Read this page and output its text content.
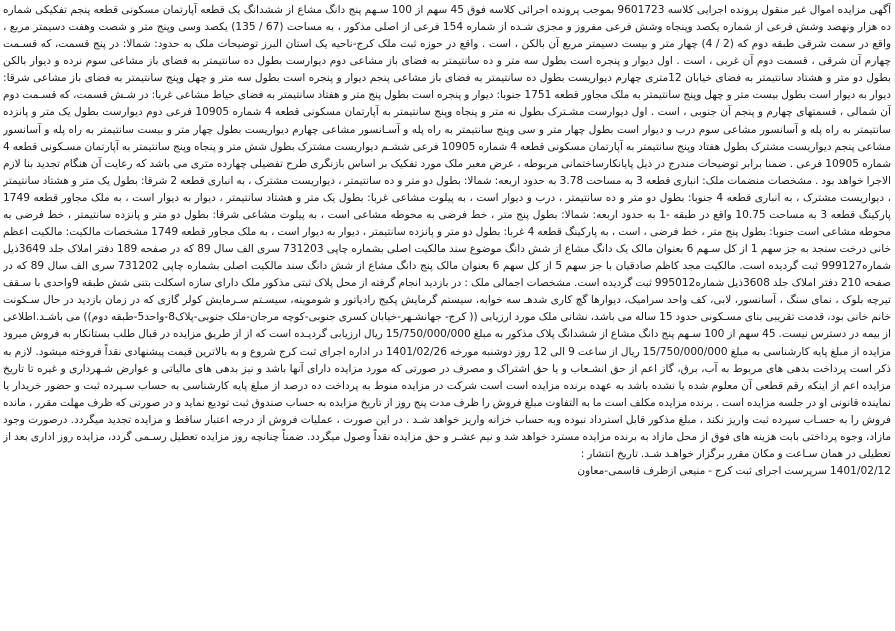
آگهی مزایده اموال غیر منقول پرونده اجرایی کلاسه 9601723 بموجب پرونده اجرائی کلاسه فوق 45 سهم از 100 سـهم پنج دانگ مشاع از ششدانگ یک قطعه آپارتمان مسکونی قطعه پنجم تفکیکی شماره ده هزار ونهصد وشش فرعی از شماره یکصد وپنجاه وشش فرعی مفروز و مجزی شـده از شماره 154 فرعی از اصلی مذکور ، به مساحت (67 / 135) یکصد وسی وپنج متر و شصت وهفت دسیمتر مربع ، واقع در سمت شرقی طبقه دوم که (2 / 4) چهار متر و بیست دسیمتر مربع آن بالکن ، است . واقع در حوزه ثبت ملک کرج-ناحیه یک استان البرز توضیحات ملک به حدود: شمالا: در پنج قسمت، که قسـمت چهارم آن شرقی ، قسمت دوم آن غربی ، است . اول دیوار و پنجره است بطول سه متر و ده سانتیمتر به فضای باز مشاعی دوم دیوارست بطول ده سانتیمتر به فضای باز مشاعی سوم نرده و دیوار بالکن بطول دو متر و هشتاد سانتیمتر به فضای خیابان 12متری چهارم دیواریست بطول ده سانتیمتر به فضای باز مشاعی پنجم دیوار و پنجره است بطول سه متر و چهل وپنج سانتیمتر به فضای باز مشاعی شرقا: دیوار به دیوار است بطول بیست متر و چهل وپنج سانتیمتر به ملک مجاور قطعه 1751 جنوبا: دیوار و پنجره است بطول پنج متر و هفتاد سانتیمتر به فضای حیاط مشاعی غربا: در شـش قسمت، که قسـمت دوم آن شمالی ، قسمتهای چهارم و پنجم آن جنوبی ، است . اول دیوارست مشـترک بطول نه متر و پنجاه وپنج سانتیمتر به آپارتمان مسکونی قطعه 4 شماره 10905 فرعی دوم دیوارست بطول یک متر و پانزده سانتیمتر به راه پله و آسانسور مشاعی سوم درب و دیوار است بطول چهار متر و سی وپنج سانتیمتر به راه پله و آسـانسور مشاعی چهارم دیواریست بطول چهار متر و بیست سانتیمتر به راه پله و آسانسور مشاعی پنجم دیواریست مشترک بطول هفتاد وپنج سانتیمتر به آپارتمان مسکونی قطعه 4 شماره 10905 فرعی ششـم دیواریست مشترک بطول شش متر و پنجاه وپنج سانتیمتر به آپارتمان مسـکونی قطعه 4 شماره 10905 فرعی . ضمنا برابر توضیحات مندرج در ذیل پایانکارساختمانی مربوطه ، عرض معبر ملک مورد تفکیک بر اساس بازنگری طرح تفضیلی چهارده متری می باشد که رعایت آن هنگام تجدید بنا لازم الاجرا خواهد بود . مشخصات منضمات ملک: انباری قطعه 3 به مساحت 3.78 به حدود اربعه: شمالا: بطول دو متر و ده سانتیمتر ، دیواریست مشترک ، به انباری قطعه 2 شرقا: بطول یک متر و هشتاد سانتیمتر ، دیواریست مشترک ، به انباری قطعه 4 جنوبا: بطول دو متر و ده سانتیمتر ، درب و دیوار است ، به پیلوت مشاعی غربا: بطول یک متر و هشتاد سانتیمتر ، دیوار به دیوار است ، به ملک مجاور قطعه 1749 پارکینگ قطعه 3 به مساحت 10.75 واقع در طبقه -1 به حدود اربعه: شمالا: بطول پنج متر ، خط فرضی به محوطه مشاعی است ، به پیلوت مشاعی شرقا: بطول دو متر و پانزده سانتیمتر ، خط فرضی به محوطه مشاعی است جنوبا: بطول پنج متر ، خط فرضی ، است ، به پارکینگ قطعه 4 غربا: بطول دو متر و پانزده سانتیمتر ، دیوار به دیوار است ، به ملک مجاور قطعه 1749 مشخصات مالکیت: مالکیت اعظم خانی درخت سنجد به جز سهم 1 از کل سـهم 6 بعنوان مالک یک دانگ مشاع از شش دانگ موضوع سند مالکیت اصلی بشماره چاپی 731203 سری الف سال 89 که در صفحه 189 دفتر املاک جلد 3649ذیل شماره999127 ثبت گردیده است. مالکیت مجد کاظم صادقیان با جز سهم 5 از کل سهم 6 بعنوان مالک پنج دانگ مشاع از شش دانگ سند مالکیت اصلی بشماره چاپی 731202 سری الف سال 89 که در صفحه 210 دفتر املاک جلد 3608ذیل شماره995012 ثبت گردیده است. مشخصات اجمالی ملک : در بازدید انجام گرفته از محل پلاک ثبتی مذکور ملک دارای سازه اسکلت بتنی شش طبقه 9واحدی با سـقف تیرچه بلوک ، نمای سنگ ، آسانسور، لابی، کف واحد سرامیک، دیوارها گچ کاری شدهـ سه خوابه، سیستم گرمایش پکیج رادیاتور و شوموینه، سیسـتم سـرمایش کولر گازی که در زمان بازدید در حال سـکونت خانم خانی بود، قدمت تقریبی بنای مسـکونی حدود 15 ساله می باشد، نشانی ملک مورد ارزیابی (( کرج- جهانشـهر-خیابان کسری جنوبی-کوچه مرجان-ملک جنوبی-پلاک8-واحد5-طبقه دوم)) می باشـد.اطلاعی از بیمه در دسترس نیست. 45 سهم از 100 سـهم پنج دانگ مشاع از ششدانگ پلاک مذکور به مبلغ 15/750/000/000 ریال ارزیابی گردیـده است که از از طریق مزایده در قبال طلب بستانکار به فروش میرود مزایده از مبلغ پایه کارشناسی به مبلغ 15/750/000/000 ریال از ساعت 9 الی 12 روز دوشنبه مورخه 1401/02/26 در اداره اجرای ثبت کرج شروع و به بالاترین قیمت پیشنهادی نقداً فروخته میشود. لازم به ذکر است پرداخت بدهی های مربوط به آب، برق، گاز اعم از حق انشـعاب و یا حق اشتراک و مصرف در صورتی که مورد مزایده دارای آنها باشد و نیز بدهی های مالیاتی و عوارض شـهرداری و غیره تا تاریخ مزایده اعم از اینکه رقم قطعی آن معلوم شده یا نشده باشد به عهده برنده مزایده است است شرکت در مزایده منوط به پرداخت ده درصد از مبلغ پایه کارشناسی به حساب سـپرده ثبت و حضور خریدار یا نماینده قانونی او در جلسه مزایده است . برنده مزایده مکلف است ما به التفاوت مبلغ فروش را ظرف مدت پنج روز از تاریخ مزایده به حساب صندوق ثبت تودیع نماید و در صورتی که ظرف مهلت مقرر ، مانده فروش را به حسـاب سپرده ثبت واریز نکند ، مبلغ مذکور قابل استرداد نبوده وبه حساب خزانه واریز خواهد شـد . در این صورت ، عملیات فروش از درجه اعتبار ساقط و مزایده تجدید میگردد. درصورت وجود مازاد، وجوه پرداختی بابت هزینه های فوق از محل مازاد به برنده مزایده مسترد خواهد شد و نیم عشـر و حق مزایده نقداً وصول میگردد. ضمناً چنانچه روز مزایده تعطیل رسـمی گردد، مزایده روز اداری بعد از تعطیلی در همان سـاعت و مکان مقرر برگزار خواهـد شـد. تاریخ انتشار :

1401/02/12 سرپرست اجرای ثبت کرج - منیعی ازظرف قاسمی-معاون
